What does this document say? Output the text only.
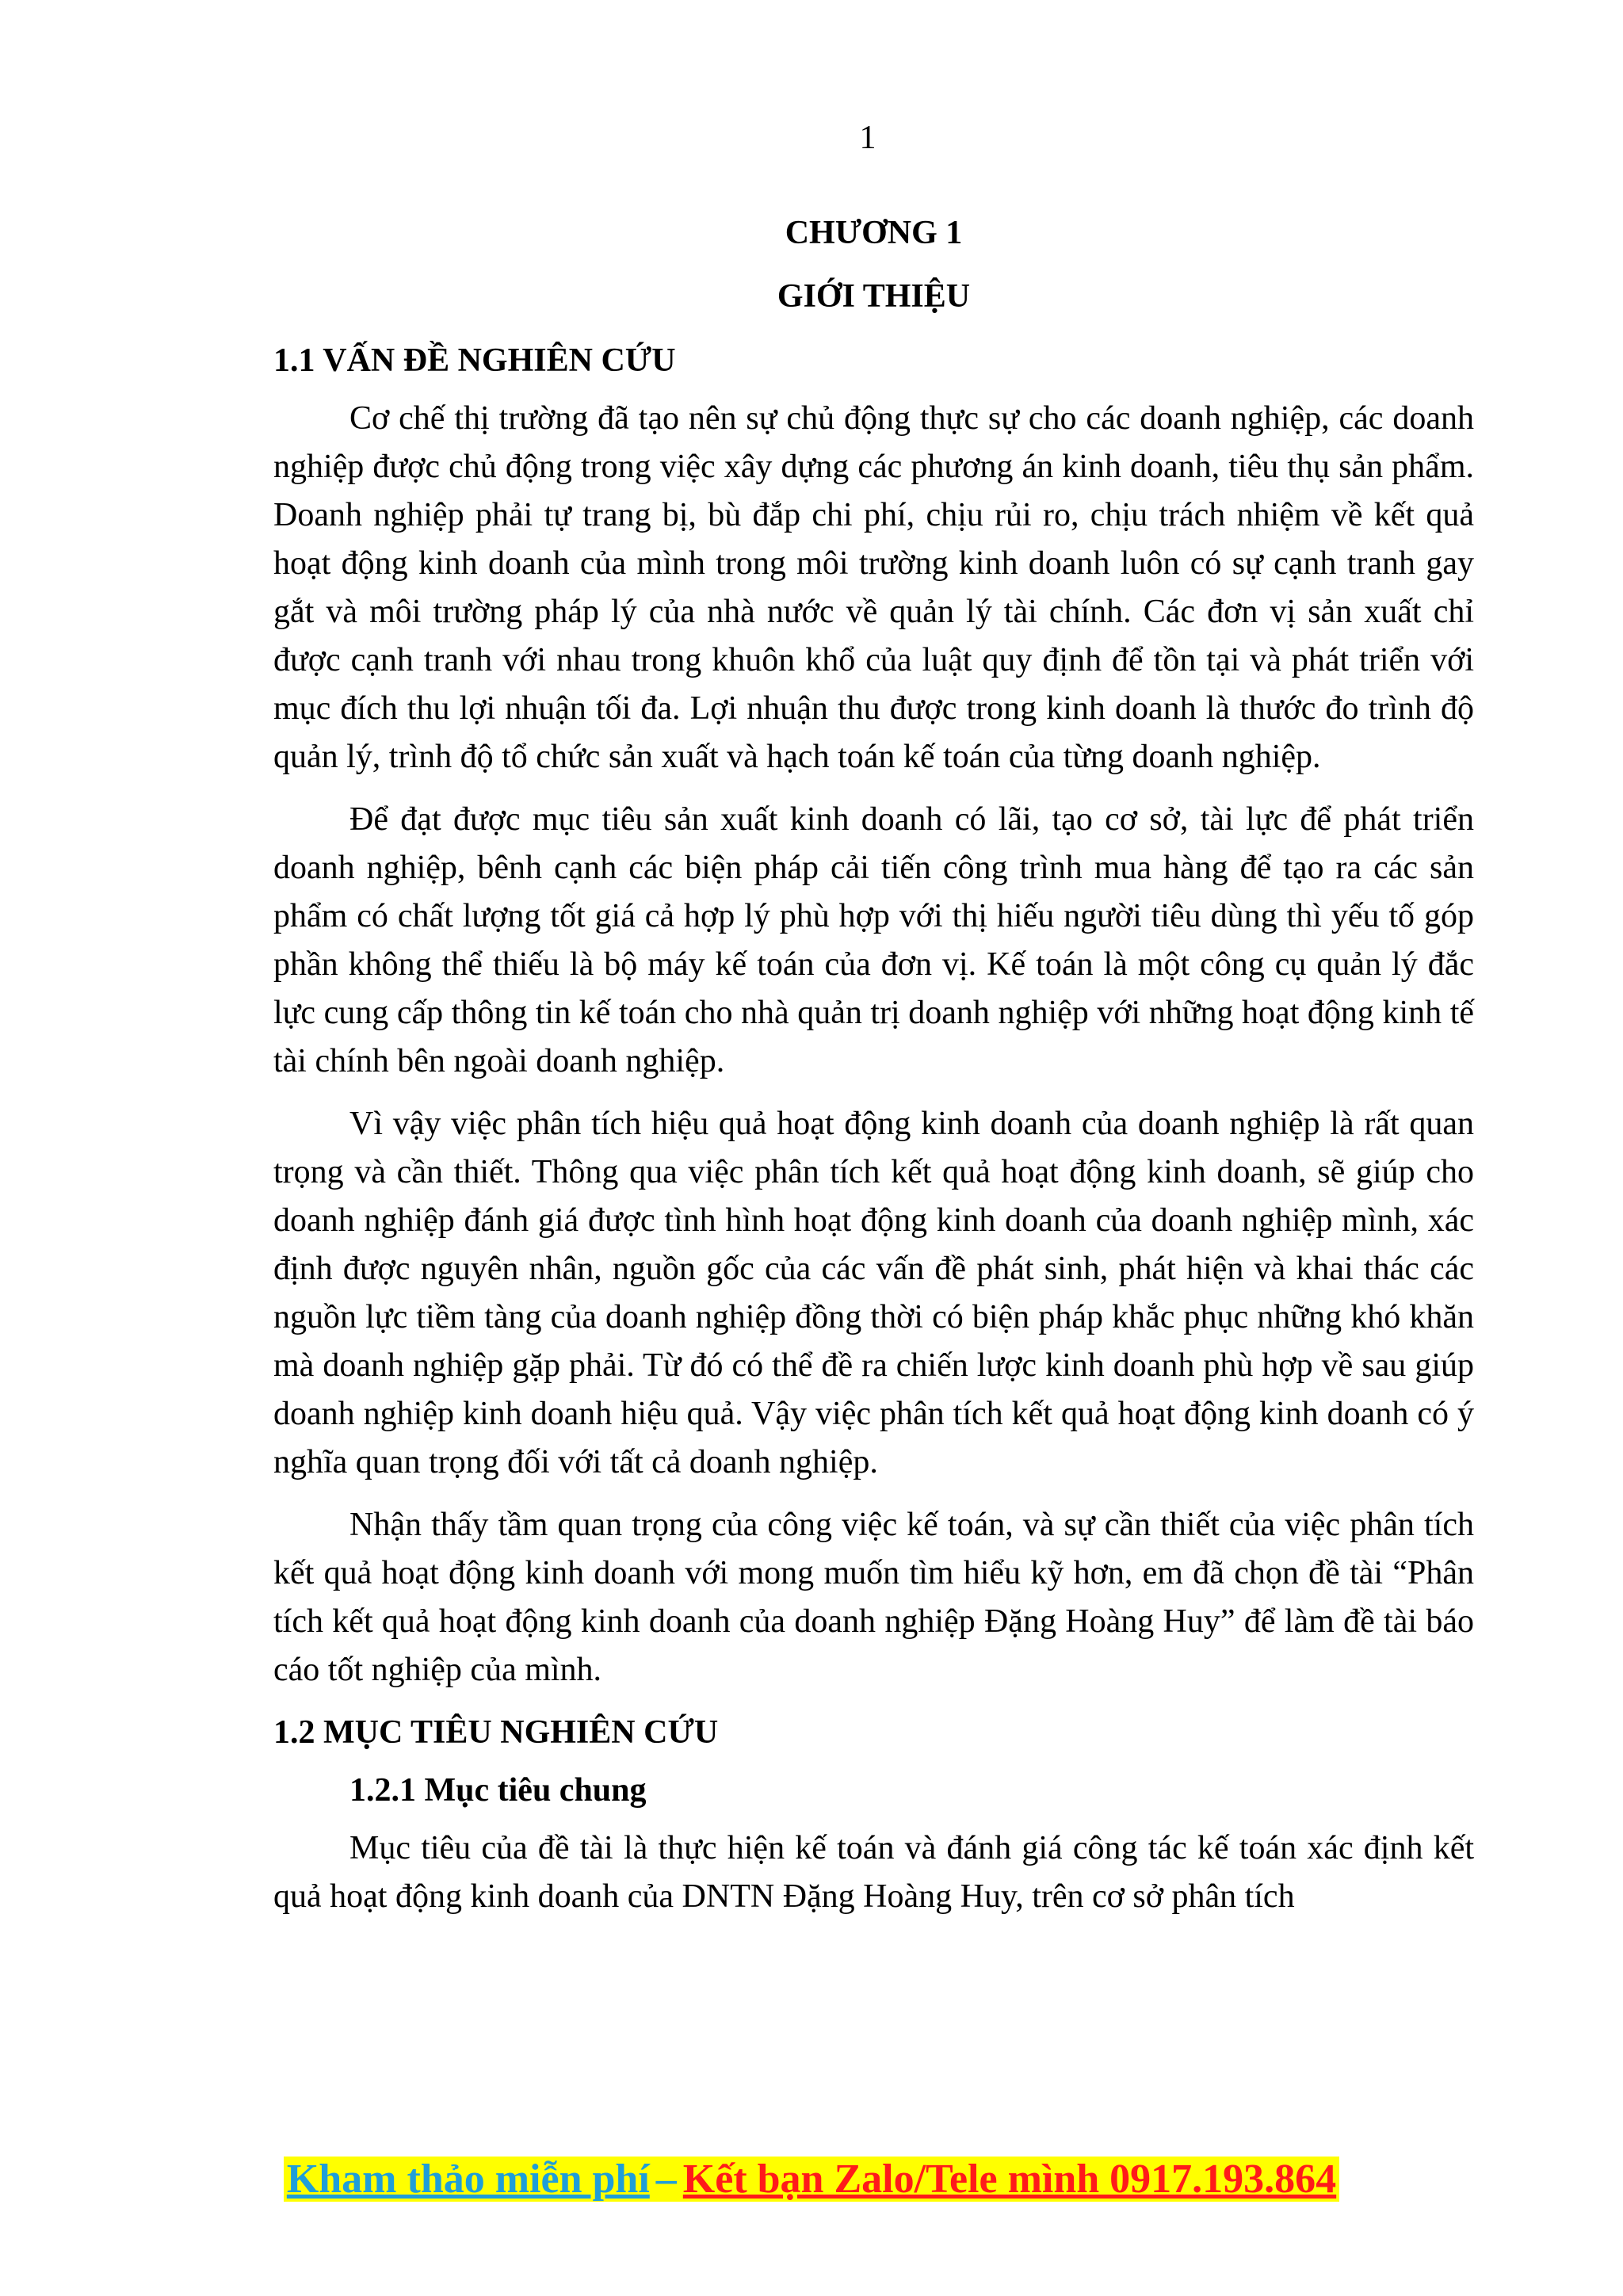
1
CHƯƠNG 1
GIỚI THIỆU
1.1 VẤN ĐỀ NGHIÊN CỨU

Cơ chế thị trường đã tạo nên sự chủ động thực sự cho các doanh nghiệp, các doanh nghiệp được chủ động trong việc xây dựng các phương án kinh doanh, tiêu thụ sản phẩm. Doanh nghiệp phải tự trang bị, bù đắp chi phí, chịu rủi ro, chịu trách nhiệm về kết quả hoạt động kinh doanh của mình trong môi trường kinh doanh luôn có sự cạnh tranh gay gắt và môi trường pháp lý của nhà nước về quản lý tài chính. Các đơn vị sản xuất chỉ được cạnh tranh với nhau trong khuôn khổ của luật quy định để tồn tại và phát triển với mục đích thu lợi nhuận tối đa. Lợi nhuận thu được trong kinh doanh là thước đo trình độ quản lý, trình độ tổ chức sản xuất và hạch toán kế toán của từng doanh nghiệp.

Để đạt được mục tiêu sản xuất kinh doanh có lãi, tạo cơ sở, tài lực để phát triển doanh nghiệp, bênh cạnh các biện pháp cải tiến công trình mua hàng để tạo ra các sản phẩm có chất lượng tốt giá cả hợp lý phù hợp với thị hiếu người tiêu dùng thì yếu tố góp phần không thể thiếu là bộ máy kế toán của đơn vị. Kế toán là một công cụ quản lý đắc lực cung cấp thông tin kế toán cho nhà quản trị doanh nghiệp với những hoạt động kinh tế tài chính bên ngoài doanh nghiệp.

Vì vậy việc phân tích hiệu quả hoạt động kinh doanh của doanh nghiệp là rất quan trọng và cần thiết. Thông qua việc phân tích kết quả hoạt động kinh doanh, sẽ giúp cho doanh nghiệp đánh giá được tình hình hoạt động kinh doanh của doanh nghiệp mình, xác định được nguyên nhân, nguồn gốc của các vấn đề phát sinh, phát hiện và khai thác các nguồn lực tiềm tàng của doanh nghiệp đồng thời có biện pháp khắc phục những khó khăn mà doanh nghiệp gặp phải. Từ đó có thể đề ra chiến lược kinh doanh phù hợp về sau giúp doanh nghiệp kinh doanh hiệu quả. Vậy việc phân tích kết quả hoạt động kinh doanh có ý nghĩa quan trọng đối với tất cả doanh nghiệp.

Nhận thấy tầm quan trọng của công việc kế toán, và sự cần thiết của việc phân tích kết quả hoạt động kinh doanh với mong muốn tìm hiểu kỹ hơn, em đã chọn đề tài “Phân tích kết quả hoạt động kinh doanh của doanh nghiệp Đặng Hoàng Huy” để làm đề tài báo cáo tốt nghiệp của mình.

1.2 MỤC TIÊU NGHIÊN CỨU
1.2.1 Mục tiêu chung

Mục tiêu của đề tài là thực hiện kế toán và đánh giá công tác kế toán xác định kết quả hoạt động kinh doanh của DNTN Đặng Hoàng Huy, trên cơ sở phân tích

Kham thảo miễn phí – Kết bạn Zalo/Tele mình 0917.193.864
